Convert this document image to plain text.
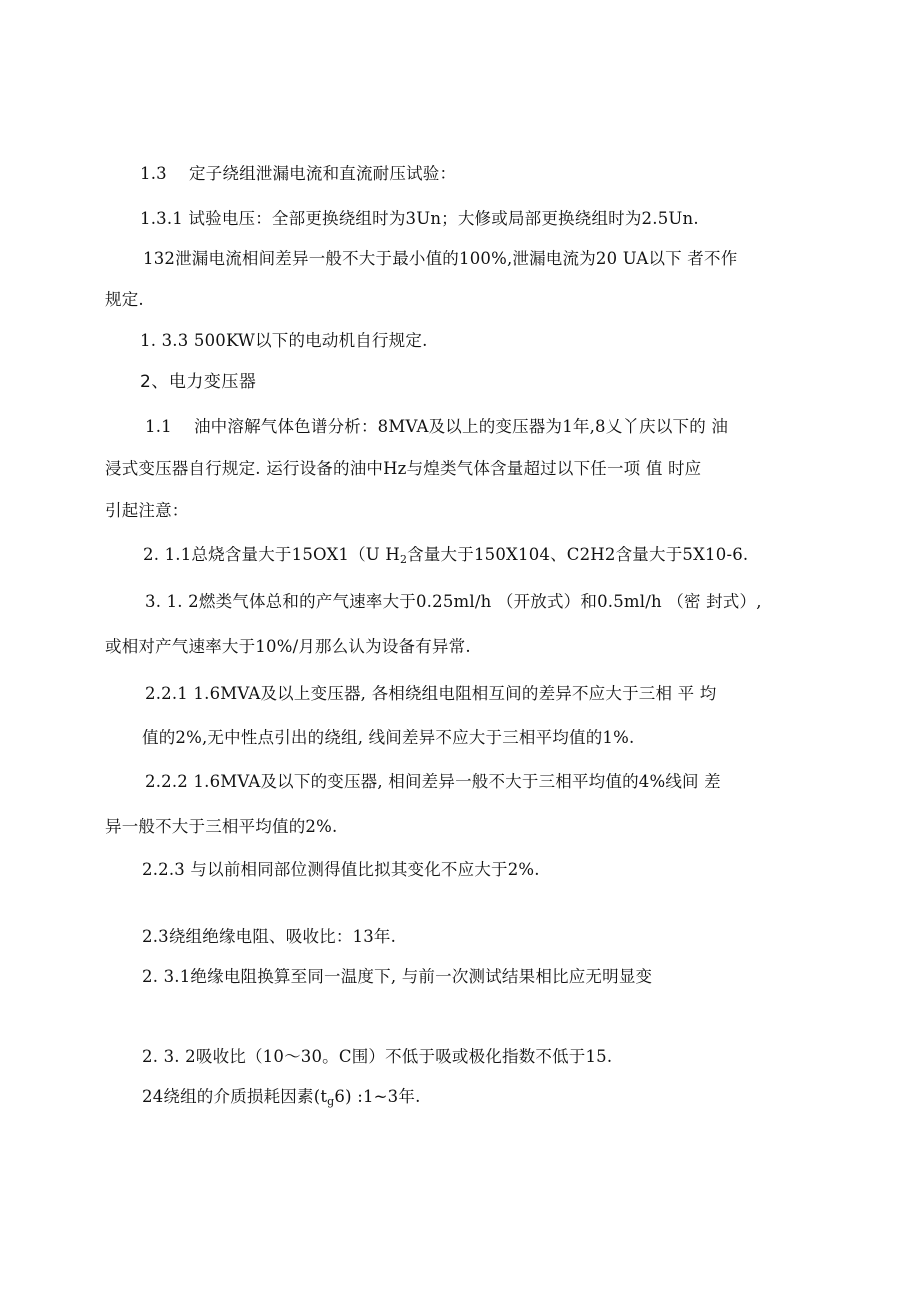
1.3　 定子绕组泄漏电流和直流耐压试验：
1.3.1 试验电压：全部更换绕组时为3Un；大修或局部更换绕组时为2.5Un.
132泄漏电流相间差异一般不大于最小值的100%,泄漏电流为20 UA以下 者不作
规定.
1. 3.3 500KW以下的电动机自行规定.
2、电力变压器
1.1　 油中溶解气体色谱分析：8MVA及以上的变压器为1年,8乂丫庆以下的 油
浸式变压器自行规定. 运行设备的油中Hz与煌类气体含量超过以下任一项 值 时应
引起注意：
2. 1.1总烧含量大于15OX1（U $H_2$含量大于150X104、C2H2含量大于5X10-6.
3. 1. 2燃类气体总和的产气速率大于0.25ml∕h （开放式）和0.5ml∕h （密 封式）,
或相对产气速率大于10%/月那么认为设备有异常.
2.2.1 1.6MVA及以上变压器, 各相绕组电阻相互间的差异不应大于三相 平 均
值的2%,无中性点引出的绕组, 线间差异不应大于三相平均值的1%.
2.2.2 1.6MVA及以下的变压器, 相间差异一般不大于三相平均值的4%线间 差
异一般不大于三相平均值的2%.
2.2.3 与以前相同部位测得值比拟其变化不应大于2%.
2.3绕组绝缘电阻、吸收比：13年.
2. 3.1绝缘电阻换算至同一温度下, 与前一次测试结果相比应无明显变
2. 3. 2吸收比（10～30。C围）不低于吸或极化指数不低于15.
24绕组的介质损耗因素$(t_g6)$ :1~3年.
